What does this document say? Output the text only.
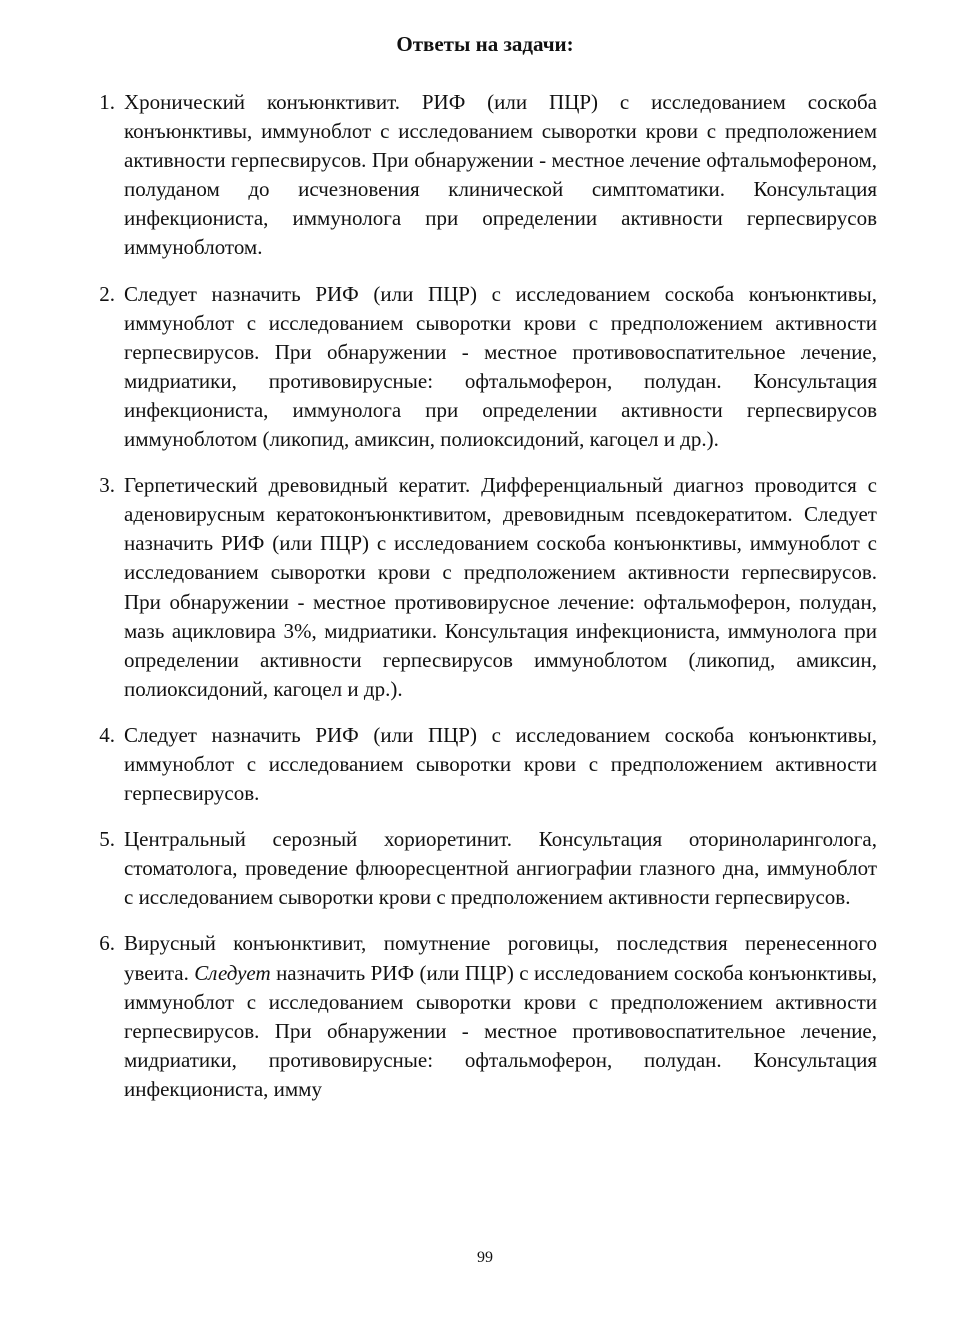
Ответы на задачи:
1. Хронический конъюнктивит. РИФ (или ПЦР) с исследованием соскоба конъюнктивы, иммуноблот с исследованием сыворотки крови с предположением активности герпесвирусов. При обнаружении - местное лечение офтальмофероном, полуданом до исчезновения клинической симптоматики. Консультация инфекциониста, иммунолога при определении активности герпесвирусов иммуноблотом.

2. Следует назначить РИФ (или ПЦР) с исследованием соскоба конъюнктивы, иммуноблот с исследованием сыворотки крови с предположением активности герпесвирусов. При обнаружении - местное противовоспатительное лечение, мидриатики, противовирусные: офтальмоферон, полудан. Консультация инфекциониста, иммунолога при определении активности герпесвирусов иммуноблотом (ликопид, амиксин, полиоксидоний, кагоцел и др.).

3. Герпетический древовидный кератит. Дифференциальный диагноз проводится с аденовирусным кератоконъюнктивитом, древовидным псевдокератитом. Следует назначить РИФ (или ПЦР) с исследованием соскоба конъюнктивы, иммуноблот с исследованием сыворотки крови с предположением активности герпесвирусов. При обнаружении - местное противовирусное лечение: офтальмоферон, полудан, мазь ацикловира 3%, мидриатики. Консультация инфекциониста, иммунолога при определении активности герпесвирусов иммуноблотом (ликопид, амиксин, полиоксидоний, кагоцел и др.).

4. Следует назначить РИФ (или ПЦР) с исследованием соскоба конъюнктивы, иммуноблот с исследованием сыворотки крови с предположением активности герпесвирусов.

5. Центральный серозный хориоретинит. Консультация оториноларинголога, стоматолога, проведение флюоресцентной ангиографии глазного дна, иммуноблот с исследованием сыворотки крови с предположением активности герпесвирусов.

6. Вирусный конъюнктивит, помутнение роговицы, последствия перенесенного увеита. Следует назначить РИФ (или ПЦР) с исследованием соскоба конъюнктивы, иммуноблот с исследованием сыворотки крови с предположением активности герпесвирусов. При обнаружении - местное противовоспатительное лечение, мидриатики, противовирусные: офтальмоферон, полудан. Консультация инфекциониста, имму

99
